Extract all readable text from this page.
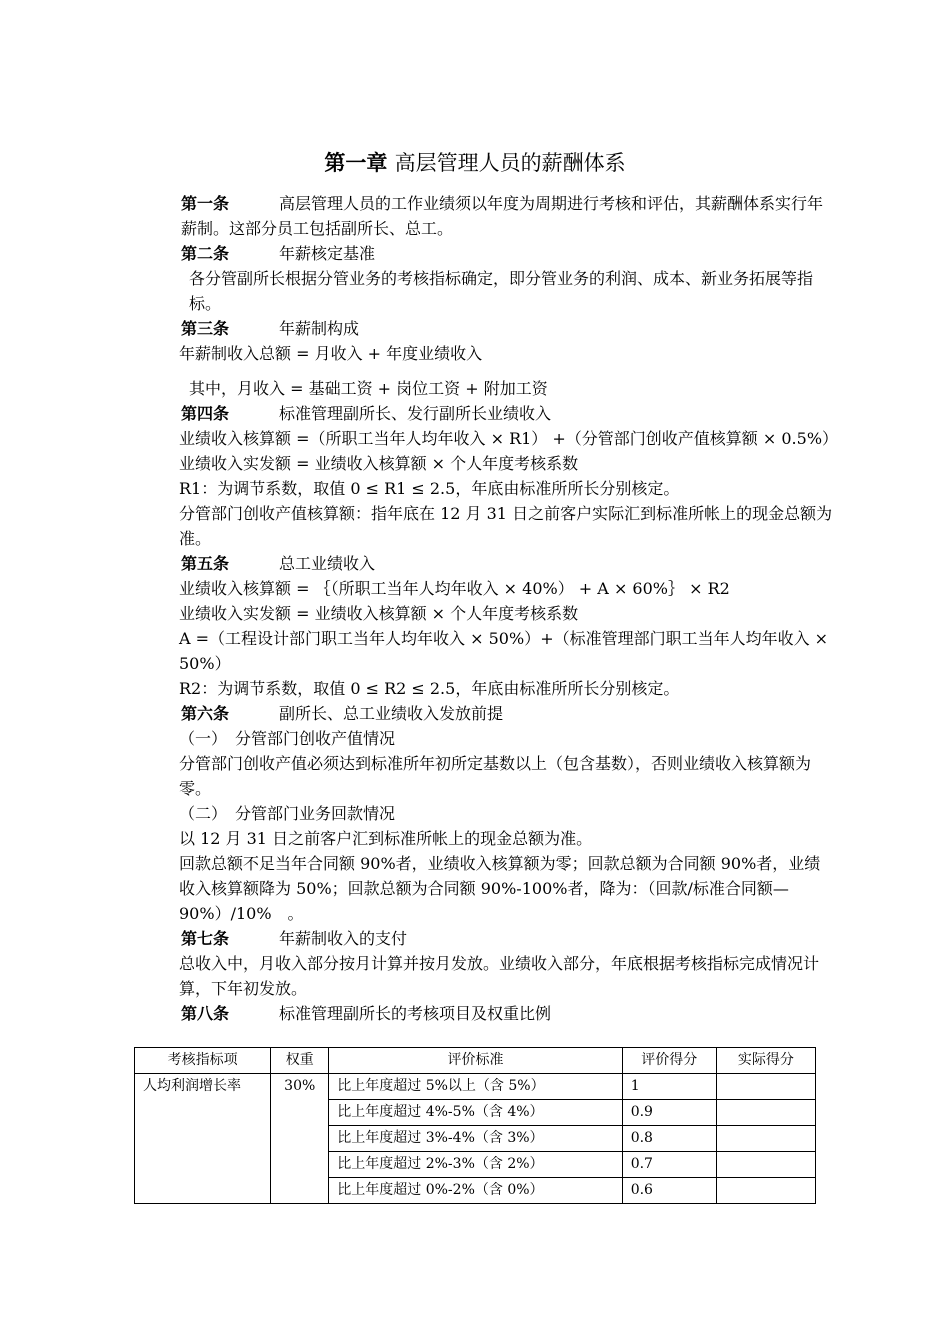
第一章 高层管理人员的薪酬体系

第一条	高层管理人员的工作业绩须以年度为周期进行考核和评估，其薪酬体系实行年薪制。这部分员工包括副所长、总工。

第二条	年薪核定基准

各分管副所长根据分管业务的考核指标确定，即分管业务的利润、成本、新业务拓展等指标。

第三条	年薪制构成

年薪制收入总额 = 月收入 + 年度业绩收入

其中，月收入 = 基础工资 + 岗位工资 + 附加工资

第四条	标准管理副所长、发行副所长业绩收入

业绩收入核算额 =（所职工当年人均年收入 × R1） +（分管部门创收产值核算额 × 0.5%）

业绩收入实发额 = 业绩收入核算额 × 个人年度考核系数

R1：为调节系数，取值 0 ≤ R1 ≤ 2.5，年底由标准所所长分别核定。

分管部门创收产值核算额：指年底在 12 月 31 日之前客户实际汇到标准所帐上的现金总额为准。

第五条	总工业绩收入

业绩收入核算额 = ｛（所职工当年人均年收入 × 40%） + A × 60%｝ × R2

业绩收入实发额 = 业绩收入核算额 × 个人年度考核系数

A =（工程设计部门职工当年人均年收入 × 50%）+（标准管理部门职工当年人均年收入 × 50%）

R2：为调节系数，取值 0 ≤ R2 ≤ 2.5，年底由标准所所长分别核定。

第六条	副所长、总工业绩收入发放前提

（一）　分管部门创收产值情况

分管部门创收产值必须达到标准所年初所定基数以上（包含基数），否则业绩收入核算额为零。

（二）　分管部门业务回款情况

以 12 月 31 日之前客户汇到标准所帐上的现金总额为准。

回款总额不足当年合同额 90%者，业绩收入核算额为零；回款总额为合同额 90%者，业绩收入核算额降为 50%；回款总额为合同额 90%-100%者，降为：（回款/标准合同额—90%）/10%　。

第七条	年薪制收入的支付

总收入中，月收入部分按月计算并按月发放。业绩收入部分，年底根据考核指标完成情况计算，下年初发放。

第八条	标准管理副所长的考核项目及权重比例

考核指标项	权重	评价标准	评价得分	实际得分
人均利润增长率	30%	比上年度超过 5%以上（含 5%）	1	
		比上年度超过 4%-5%（含 4%）	0.9	
		比上年度超过 3%-4%（含 3%）	0.8	
		比上年度超过 2%-3%（含 2%）	0.7	
		比上年度超过 0%-2%（含 0%）	0.6	
